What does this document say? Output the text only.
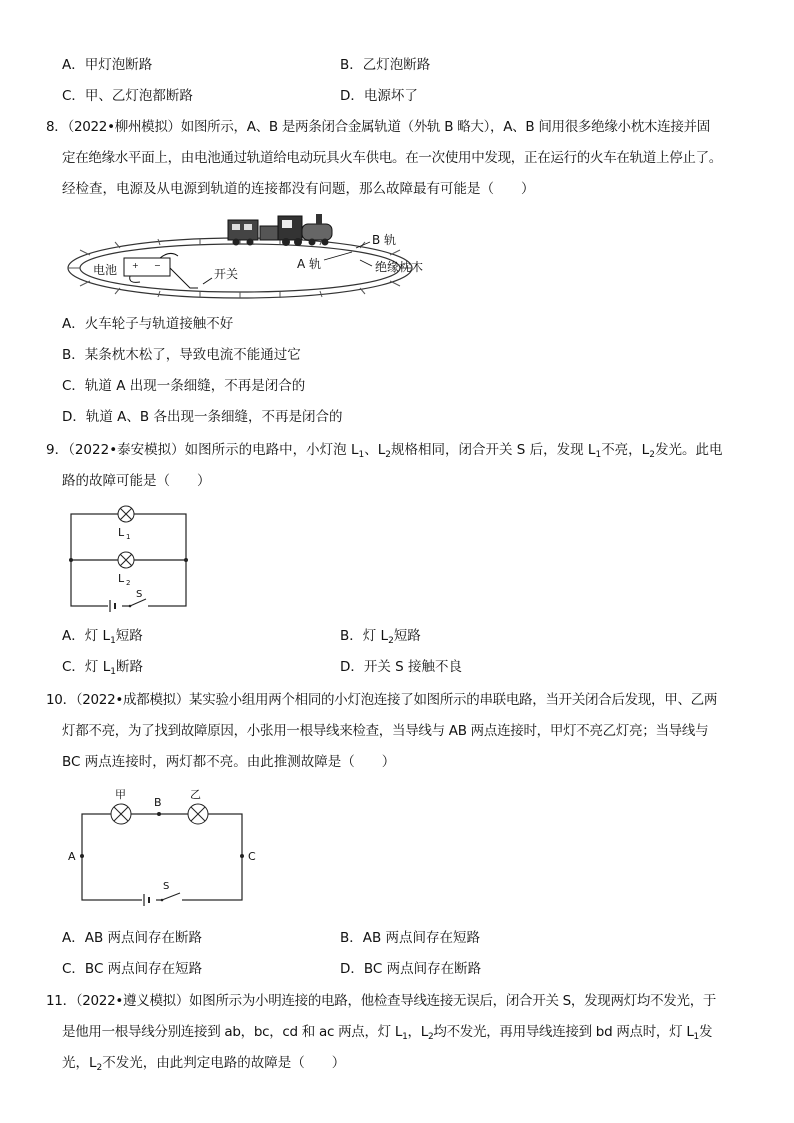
A．甲灯泡断路	B．乙灯泡断路
C．甲、乙灯泡都断路	D．电源坏了
8．（2022•柳州模拟）如图所示，A、B 是两条闭合金属轨道（外轨 B 略大），A、B 间用很多绝缘小枕木连接并固
定在绝缘水平面上，由电池通过轨道给电动玩具火车供电。在一次使用中发现，正在运行的火车在轨道上停止了。
经检查，电源及从电源到轨道的连接都没有问题，那么故障最有可能是（　　）
+ −
电池	开关
A 轨
B 轨
绝缘枕木
A．火车轮子与轨道接触不好
B．某条枕木松了，导致电流不能通过它
C．轨道 A 出现一条细缝，不再是闭合的
D．轨道 A、B 各出现一条细缝，不再是闭合的
9．（2022•泰安模拟）如图所示的电路中，小灯泡 $L_1$、$L_2$规格相同，闭合开关 S 后，发现 $L_1$不亮，$L_2$发光。此电
路的故障可能是（　　）
L 1
L 2
S
A．灯 $L_1$短路	B．灯 $L_2$短路
C．灯 $L_1$断路	D．开关 S 接触不良
10．（2022•成都模拟）某实验小组用两个相同的小灯泡连接了如图所示的串联电路，当开关闭合后发现，甲、乙两
灯都不亮，为了找到故障原因，小张用一根导线来检查，当导线与 AB 两点连接时，甲灯不亮乙灯亮；当导线与
BC 两点连接时，两灯都不亮。由此推测故障是（　　）
甲	乙
B
A	C
S
A．AB 两点间存在断路	B．AB 两点间存在短路
C．BC 两点间存在短路	D．BC 两点间存在断路
11．（2022•遵义模拟）如图所示为小明连接的电路，他检查导线连接无误后，闭合开关 S，发现两灯均不发光，于
是他用一根导线分别连接到 ab，bc，cd 和 ac 两点，灯 $L_1$，$L_2$均不发光，再用导线连接到 bd 两点时，灯 $L_1$发
光，$L_2$不发光，由此判定电路的故障是（　　）
